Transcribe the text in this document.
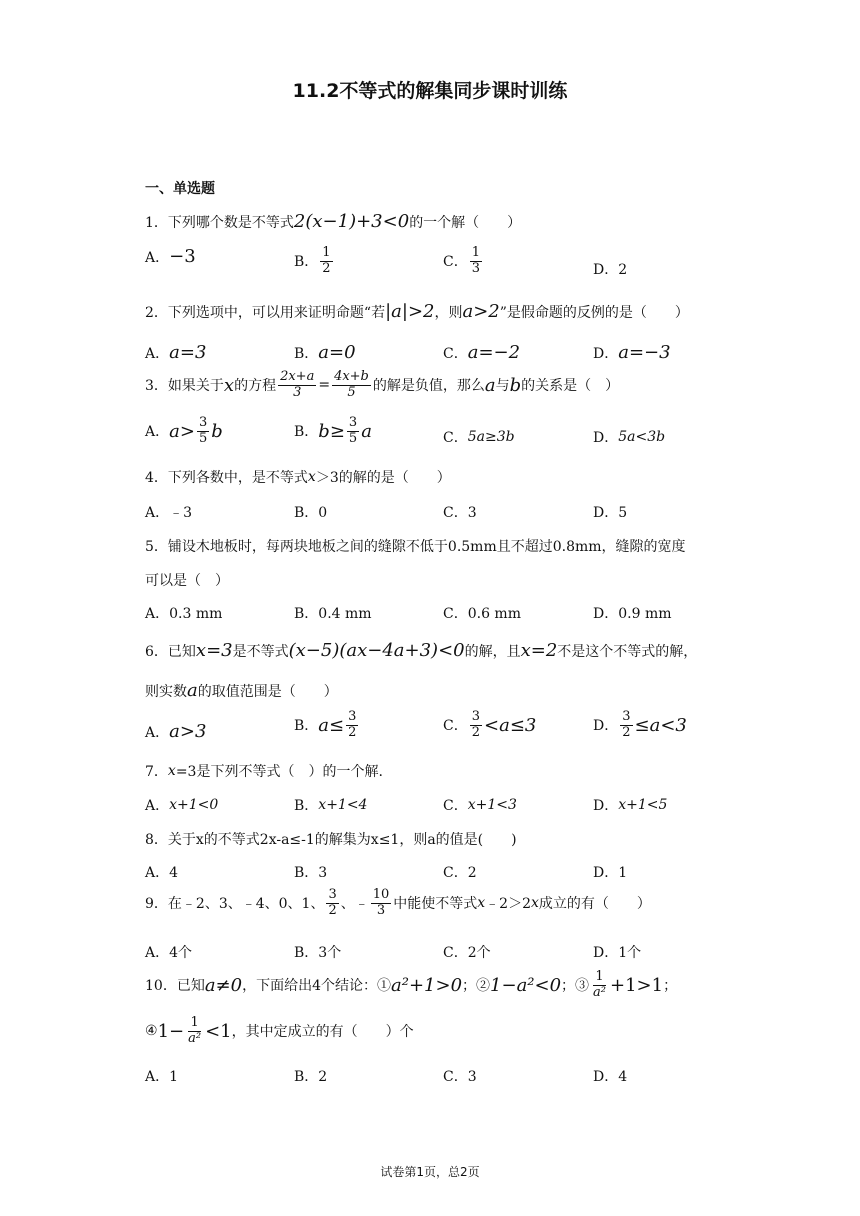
11.2不等式的解集同步课时训练
一、单选题
1．下列哪个数是不等式 2(x−1)+3<0 的一个解（　　）
A． −3	B． $\frac{1}{2}$	C． $\frac{1}{3}$	D．2
2．下列选项中，可以用来证明命题“若 |a|>2 ，则 a>2 ”是假命题的反例的是（　　）
A． a=3	B． a=0	C． a=−2	D． a=−3
3．如果关于 x 的方程 $\frac{2x+a}{3} = \frac{4x+b}{5}$ 的解是负值，那么 a 与 b 的关系是（　）
A． $a> \frac{3}{5}$ b	B． $b\ge \frac{3}{5}$ a	C． 5a≥3b	D． 5a<3b
4．下列各数中，是不等式 x ＞3的解的是（　　）
A．﹣3	B．0	C．3	D．5
5．铺设木地板时，每两块地板之间的缝隙不低于0.5mm且不超过0.8mm，缝隙的宽度
可以是（　）
A．0.3 mm	B．0.4 mm	C．0.6 mm	D．0.9 mm
6．已知 x=3 是不等式 (x−5)(ax−4a+3)<0 的解，且 x=2 不是这个不等式的解，
则实数 a 的取值范围是（　　）
A． a>3	B． $a\le \frac{3}{2}$	C． $\frac{3}{2} <a\le 3$	D． $\frac{3}{2} \le a<3$
7． x =3是下列不等式（　）的一个解.
A． x+1<0	B． x+1<4	C． x+1<3	D． x+1<5
8．关于x的不等式2x-a≤-1的解集为x≤1，则a的值是(　　)
A．4	B．3	C．2	D．1
9．在﹣2、3、﹣4、0、1、 $\frac{3}{2}$ 、﹣ $\frac{10}{3}$ 中能使不等式 x ﹣2＞2 x 成立的有（　　）
A．4个	B．3个	C．2个	D．1个
10．已知 a≠0 ，下面给出4个结论：① a²+1>0 ；② 1−a²<0 ；③ $\frac{1}{\text{a²}} +1>1$ ；
④ $1- \frac{1}{\text{a²}} <1$ ，其中定成立的有（　　）个
A．1	B．2	C．3	D．4
试卷第1页，总2页
